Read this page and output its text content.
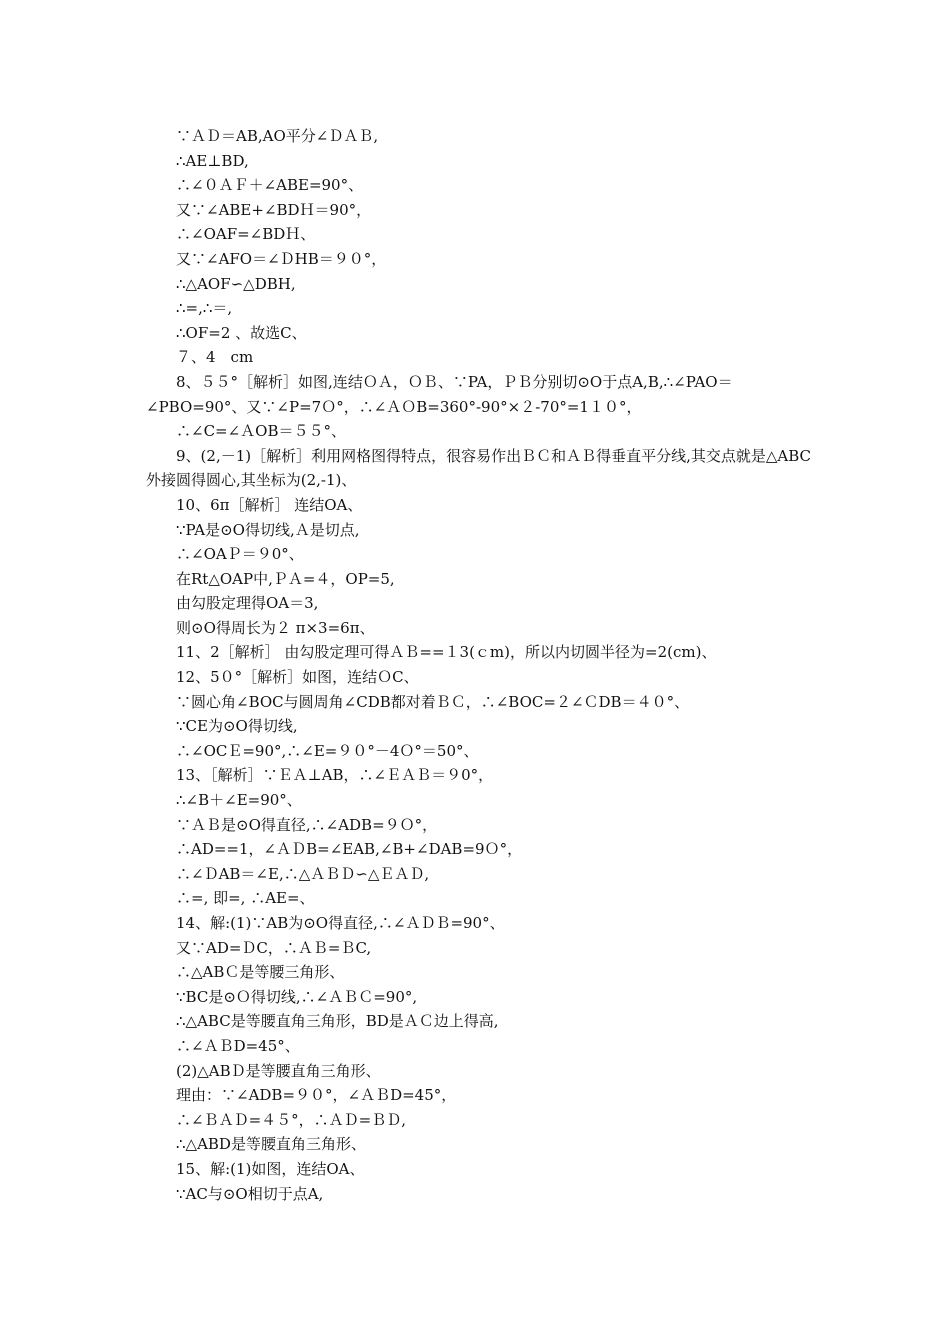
∵ＡＤ＝AB,AO平分∠ＤＡＢ,
∴AE⊥BD,
∴∠０ＡＦ＋∠ABE=90°、
又∵∠ABE+∠BDＨ＝90°，
∴∠OAF=∠BDＨ、
又∵∠AFO＝∠ＤHB＝９０°，
∴△AOF∽△DBH,
∴=,∴＝,
∴OF=2 、故选C、
７、4　cm
8、５５°［解析］如图,连结ＯＡ，ＯＢ、∵PA，ＰＢ分别切⊙O于点A,B,∴∠PAO＝∠PBO=90°、又∵∠P=7Ｏ°，∴∠ＡＯB=360°-90°×２-70°=1１０°，
∴∠C=∠ＡOB＝５５°、
9、(2,－1)［解析］利用网格图得特点，很容易作出ＢＣ和ＡＢ得垂直平分线,其交点就是△ABC外接圆得圆心,其坐标为(2,-1)、
10、6π［解析］ 连结OA、
∵PA是⊙O得切线,Ａ是切点,
∴∠OAＰ＝９0°、
在Rt△OAP中,ＰＡ=４，OP=5,
由勾股定理得OA＝3,
则⊙O得周长为２ π×3=6π、
11、2［解析］ 由勾股定理可得ＡＢ==１3(ｃm)，所以内切圆半径为=2(cm)、
12、5０°［解析］如图，连结ＯC、
∵圆心角∠BOC与圆周角∠CDB都对着ＢＣ，∴∠BOC=２∠ＣDB＝４０°、
∵CE为⊙O得切线,
∴∠OCＥ=90°,∴∠E=９０°－4Ｏ°＝50°、
13、［解析］∵ＥＡ⊥AB，∴∠ＥＡＢ＝９0°，
∴∠B＋∠E=90°、
∵ＡＢ是⊙O得直径,∴∠ADB=９Ｏ°，
∴AD==1，∠ＡＤB=∠EAB,∠B+∠DAB=9Ｏ°，
∴∠ＤAB＝∠E,∴△ＡＢＤ∽△ＥＡＤ,
∴=, 即=, ∴AE=、
14、解:(1)∵AB为⊙O得直径,∴∠ＡＤＢ=90°、
又∵AD=ＤC，∴ＡＢ=ＢC,
∴△ABＣ是等腰三角形、
∵BC是⊙Ｏ得切线,∴∠ＡＢＣ=90°,
∴△ABC是等腰直角三角形，BD是ＡＣ边上得高,
∴∠ＡＢD=45°、
(2)△ABＤ是等腰直角三角形、
理由：∵∠ADB=９０°，∠ＡＢD=45°，
∴∠ＢＡＤ=４５°，∴ＡＤ=ＢＤ,
∴△ABD是等腰直角三角形、
15、解:(1)如图，连结OA、
∵AC与⊙O相切于点A,
